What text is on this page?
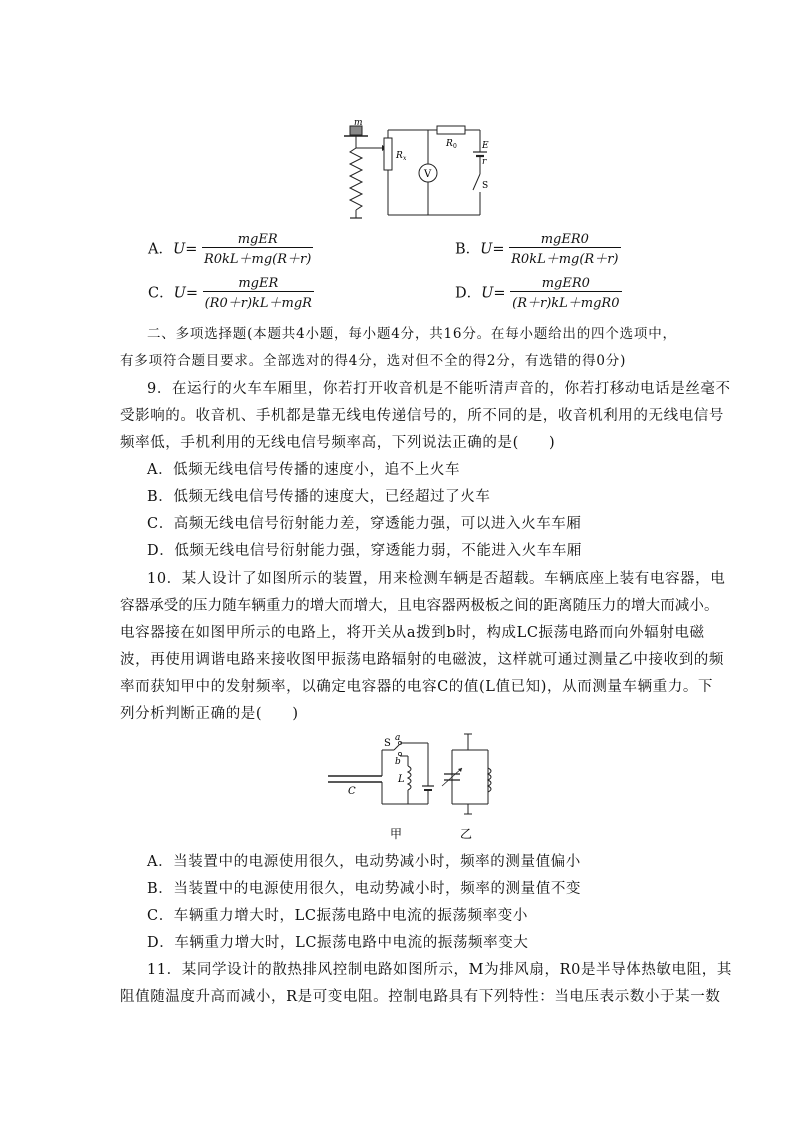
m
R x
R 0	E
r
S
V
A．$U= \frac{\text{mgER}}{R0kL+mg(R+r)}$	B．$U= \frac{\text{mgER0}}{R0kL+mg(R+r)}$
C．$U= \frac{\text{mgER}}{\text{(R0＋r)kL＋mgR}}$	D．$U= \frac{\text{mgER0}}{\text{(R＋r)kL＋mgR0}}$
二、多项选择题(本题共4小题，每小题4分，共16分。在每小题给出的四个选项中，
有多项符合题目要求。全部选对的得4分，选对但不全的得2分，有选错的得0分)
9．在运行的火车车厢里，你若打开收音机是不能听清声音的，你若打移动电话是丝毫不
受影响的。收音机、手机都是靠无线电传递信号的，所不同的是，收音机利用的无线电信号
频率低，手机利用的无线电信号频率高，下列说法正确的是(　　)
A．低频无线电信号传播的速度小，追不上火车
B．低频无线电信号传播的速度大，已经超过了火车
C．高频无线电信号衍射能力差，穿透能力强，可以进入火车车厢
D．低频无线电信号衍射能力强，穿透能力弱，不能进入火车车厢
10．某人设计了如图所示的装置，用来检测车辆是否超载。车辆底座上装有电容器，电
容器承受的压力随车辆重力的增大而增大，且电容器两极板之间的距离随压力的增大而减小。
电容器接在如图甲所示的电路上，将开关从a拨到b时，构成LC振荡电路而向外辐射电磁
波，再使用调谐电路来接收图甲振荡电路辐射的电磁波，这样就可通过测量乙中接收到的频
率而获知甲中的发射频率，以确定电容器的电容C的值(L值已知)，从而测量车辆重力。下
列分析判断正确的是(　　)
C
S a
b
L
甲	乙
A．当装置中的电源使用很久，电动势减小时，频率的测量值偏小
B．当装置中的电源使用很久，电动势减小时，频率的测量值不变
C．车辆重力增大时，LC振荡电路中电流的振荡频率变小
D．车辆重力增大时，LC振荡电路中电流的振荡频率变大
11．某同学设计的散热排风控制电路如图所示，M为排风扇，R0是半导体热敏电阻，其
阻值随温度升高而减小，R是可变电阻。控制电路具有下列特性：当电压表示数小于某一数
